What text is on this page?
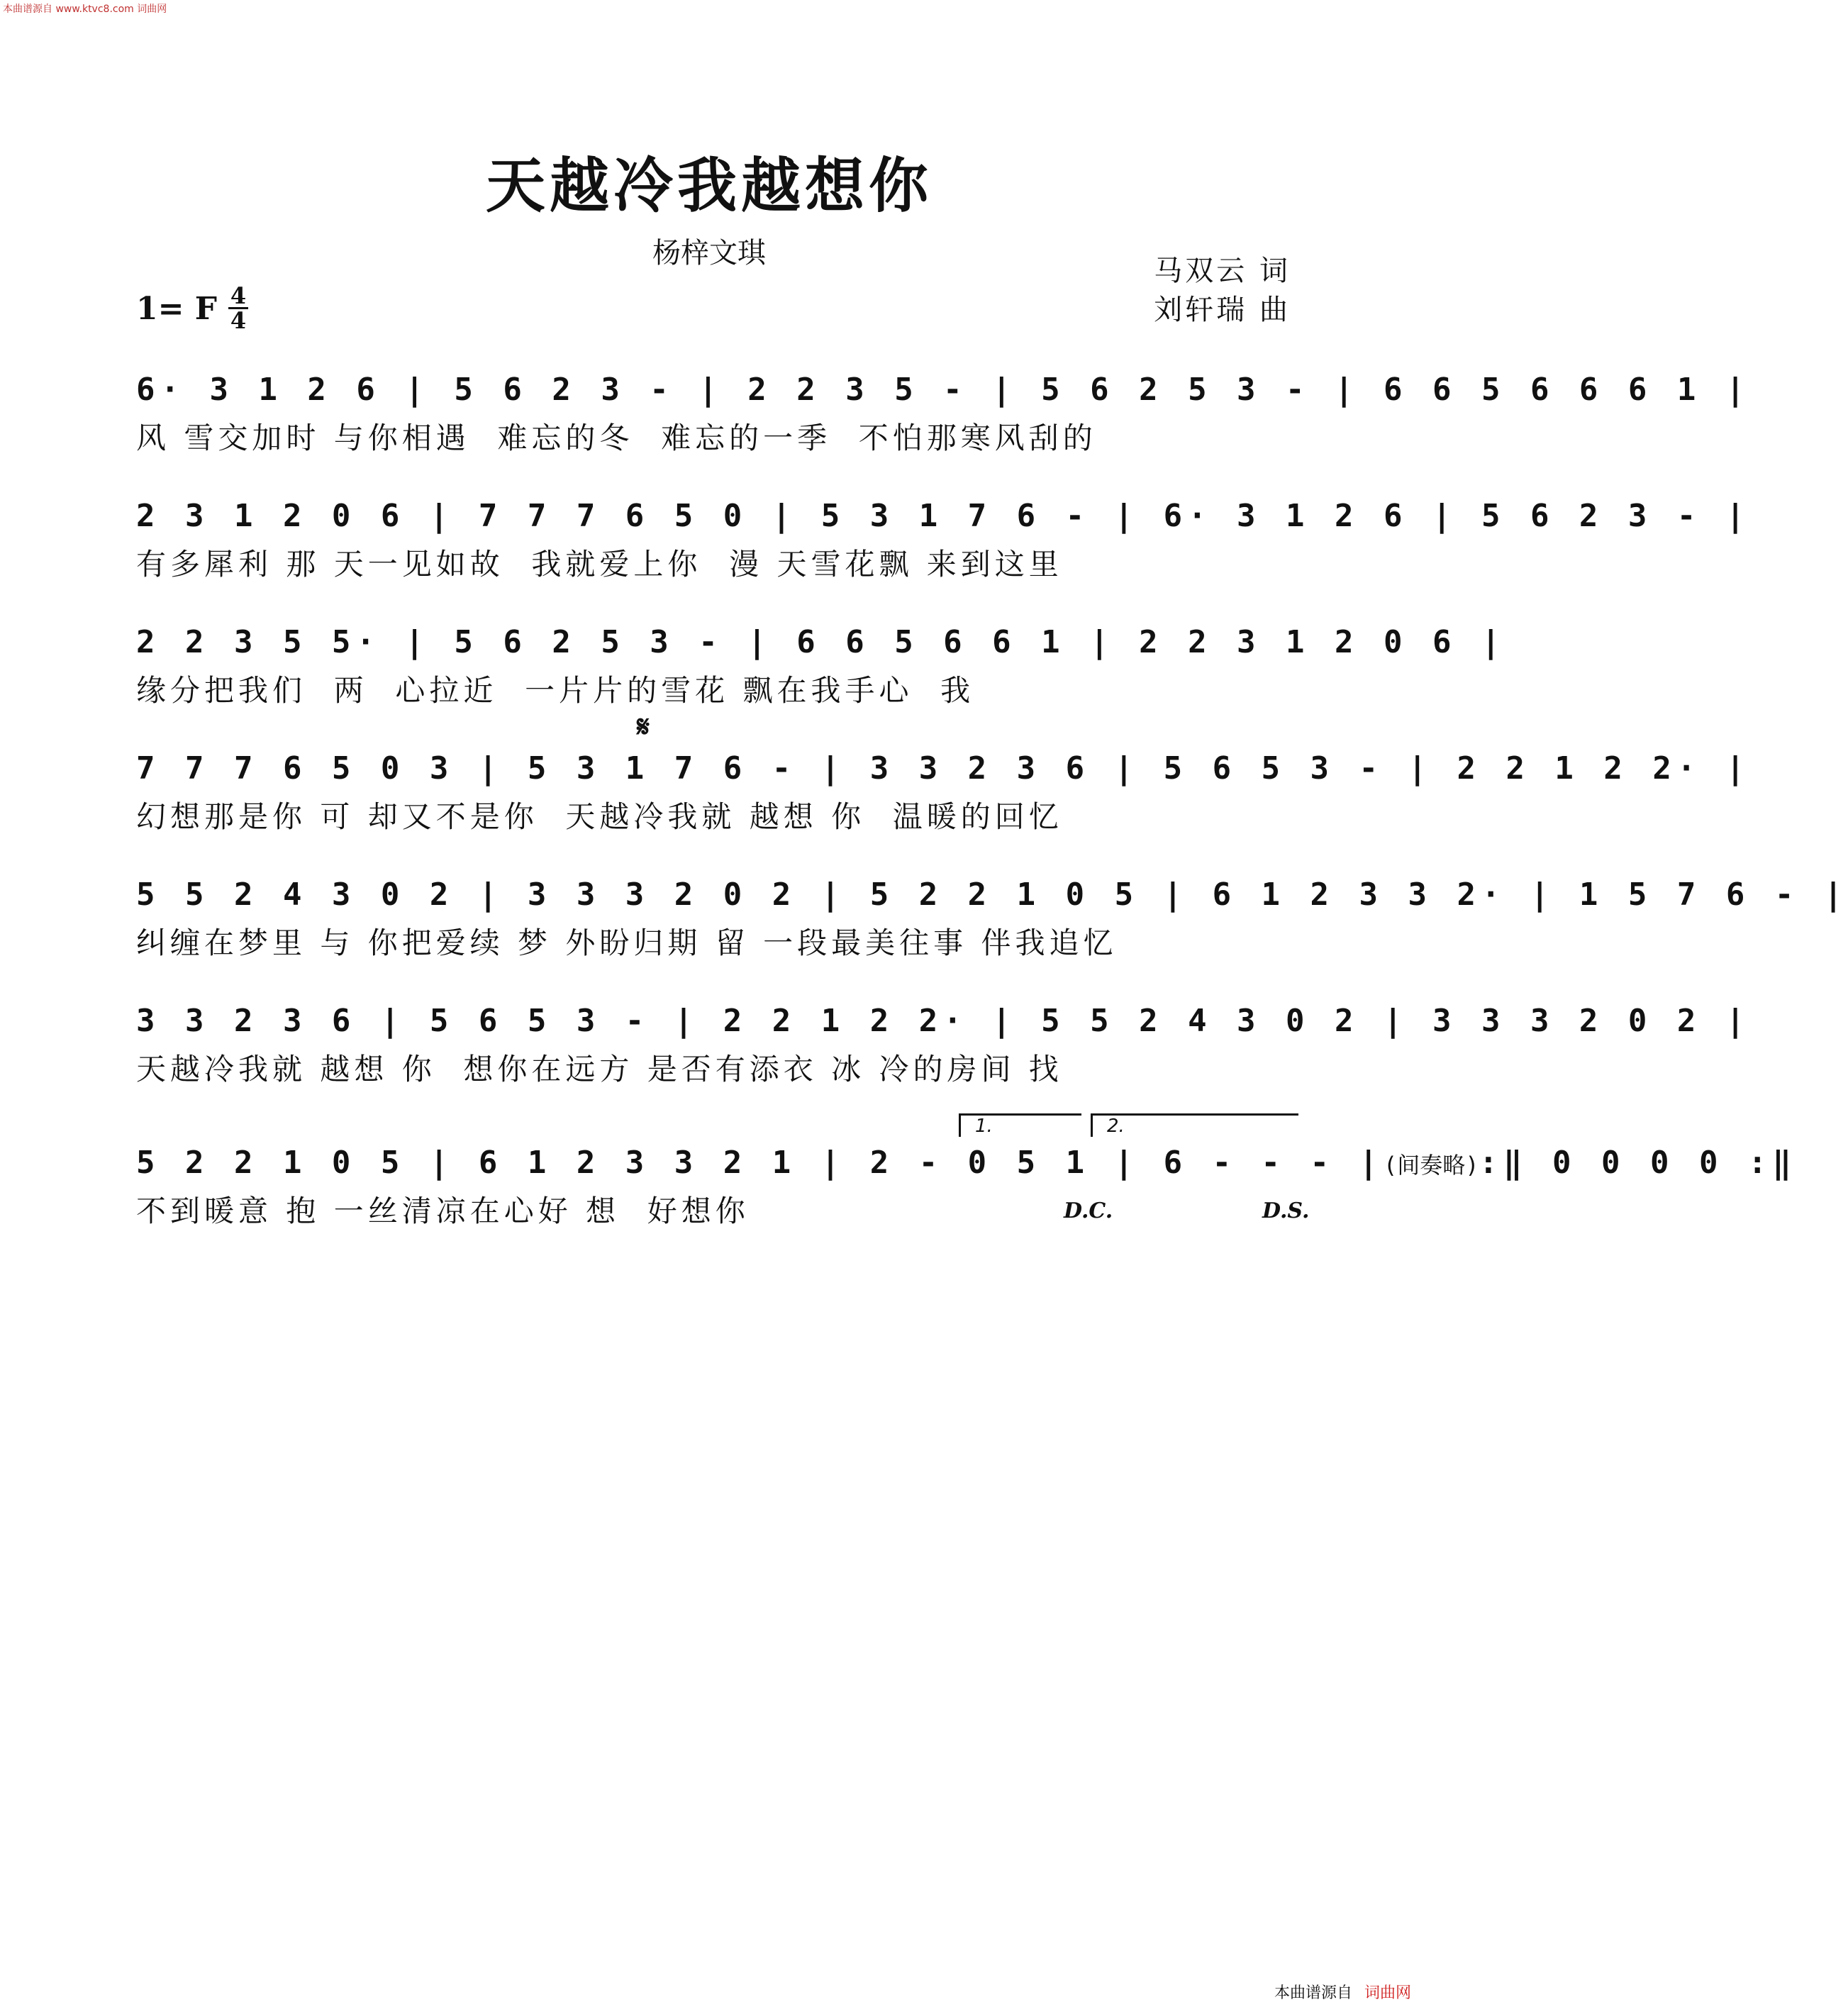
本曲谱源自 www.ktvc8.com 词曲网
天越冷我越想你
杨梓文琪
马双云 词
刘轩瑞 曲
1= F 4
4
6· 3 1 2 6 | 5 6 2 3 - | 2 2 3 5 - | 5 6 2 5 3 - | 6 6 5 6 6 6 1 |
风 雪交加时 与你相遇  难忘的冬  难忘的一季  不怕那寒风刮的
2 3 1 2 0 6 | 7 7 7 6 5 0 | 5 3 1 7 6 - | 6· 3 1 2 6 | 5 6 2 3 - |
有多犀利 那 天一见如故  我就爱上你  漫 天雪花飘 来到这里
2 2 3 5 5· | 5 6 2 5 3 - | 6 6 5 6 6 1 | 2 2 3 1 2 0 6 |
缘分把我们  两  心拉近  一片片的雪花 飘在我手心  我
𝄋
7 7 7 6 5 0 3 | 5 3 1 7 6 - | 3 3 2 3 6 | 5 6 5 3 - | 2 2 1 2 2· |
幻想那是你 可 却又不是你  天越冷我就 越想 你  温暖的回忆
5 5 2 4 3 0 2 | 3 3 3 2 0 2 | 5 2 2 1 0 5 | 6 1 2 3 3 2· | 1 5 7 6 - |
纠缠在梦里 与 你把爱续 梦 外盼归期 留 一段最美往事 伴我追忆
3 3 2 3 6 | 5 6 5 3 - | 2 2 1 2 2· | 5 5 2 4 3 0 2 | 3 3 3 2 0 2 |
天越冷我就 越想 你  想你在远方 是否有添衣 冰 冷的房间 找
1.	2.
5 2 2 1 0 5 | 6 1 2 3 3 2 1 | 2 - 0 5 1 | 6 - - - |(间奏略):‖ 0 0 0 0 :‖
不到暖意 抱 一丝清凉在心好 想  好想你	D.C.	D.S.
本曲谱源自 词曲网
